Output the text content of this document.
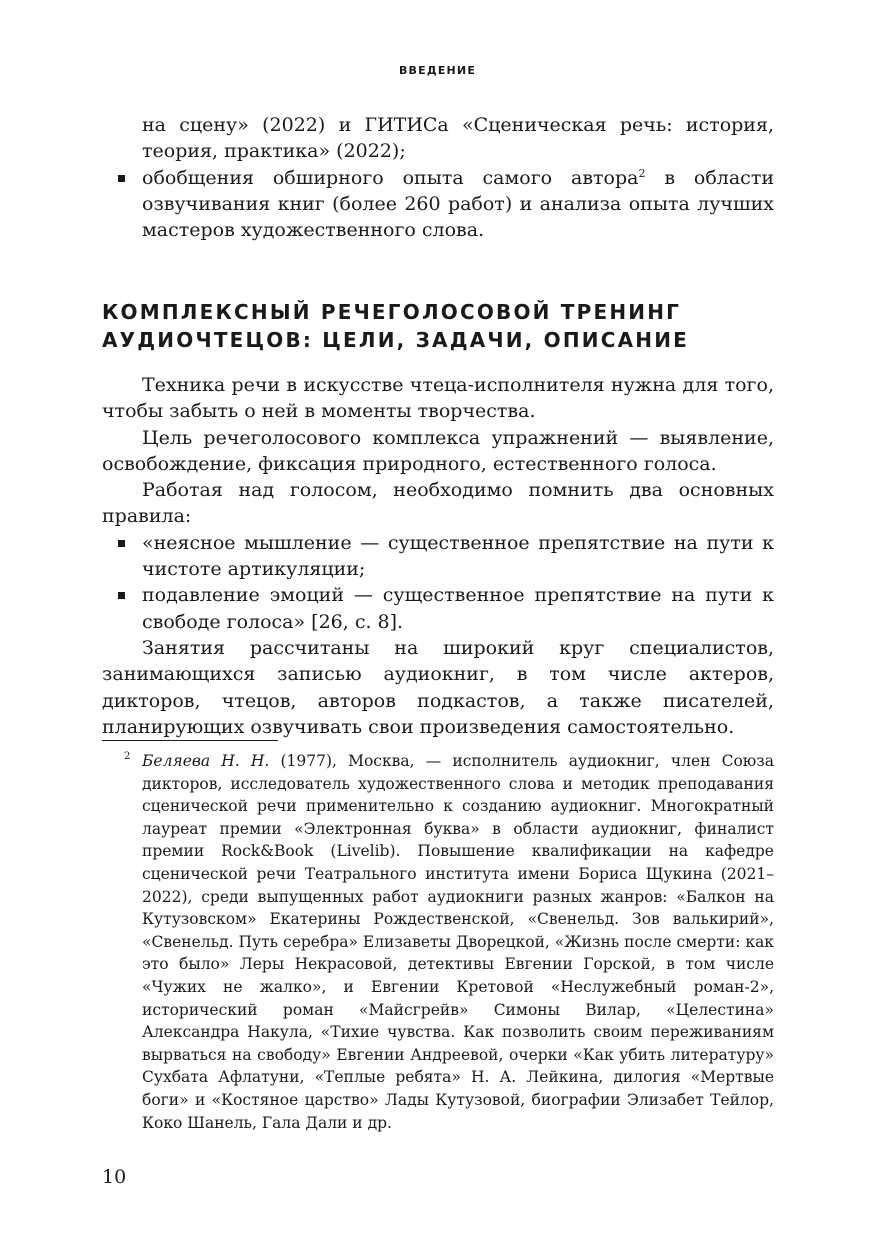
ВВЕДЕНИЕ

на сцену» (2022) и ГИТИСа «Сценическая речь: история, теория, практика» (2022);

обобщения обширного опыта самого автора$^2$ в области озвучивания книг (более 260 работ) и анализа опыта лучших мастеров художественного слова.

КОМПЛЕКСНЫЙ РЕЧЕГОЛОСОВОЙ ТРЕНИНГ
АУДИОЧТЕЦОВ: ЦЕЛИ, ЗАДАЧИ, ОПИСАНИЕ

Техника речи в искусстве чтеца-исполнителя нужна для того, чтобы забыть о ней в моменты творчества.

Цель речеголосового комплекса упражнений — выявление, освобождение, фиксация природного, естественного голоса.

Работая над голосом, необходимо помнить два основных правила:

«неясное мышление — существенное препятствие на пути к чистоте артикуляции;

подавление эмоций — существенное препятствие на пути к свободе голоса» [26, с. 8].

Занятия рассчитаны на широкий круг специалистов, занимающихся записью аудиокниг, в том числе актеров, дикторов, чтецов, авторов подкастов, а также писателей, планирующих озвучивать свои произведения самостоятельно.

2 Беляева Н. Н. (1977), Москва, — исполнитель аудиокниг, член Союза дикторов, исследователь художественного слова и методик преподавания сценической речи применительно к созданию аудиокниг. Многократный лауреат премии «Электронная буква» в области аудиокниг, финалист премии Rock&Book (Livelib). Повышение квалификации на кафедре сценической речи Театрального института имени Бориса Щукина (2021–2022), среди выпущенных работ аудиокниги разных жанров: «Балкон на Кутузовском» Екатерины Рождественской, «Свенельд. Зов валькирий», «Свенельд. Путь серебра» Елизаветы Дворецкой, «Жизнь после смерти: как это было» Леры Некрасовой, детективы Евгении Горской, в том числе «Чужих не жалко», и Евгении Кретовой «Неслужебный роман-2», исторический роман «Майсгрейв» Симоны Вилар, «Целестина» Александра Накула, «Тихие чувства. Как позволить своим переживаниям вырваться на свободу» Евгении Андреевой, очерки «Как убить литературу» Сухбата Афлатуни, «Теплые ребята» Н. А. Лейкина, дилогия «Мертвые боги» и «Костяное царство» Лады Кутузовой, биографии Элизабет Тейлор, Коко Шанель, Гала Дали и др.
10
